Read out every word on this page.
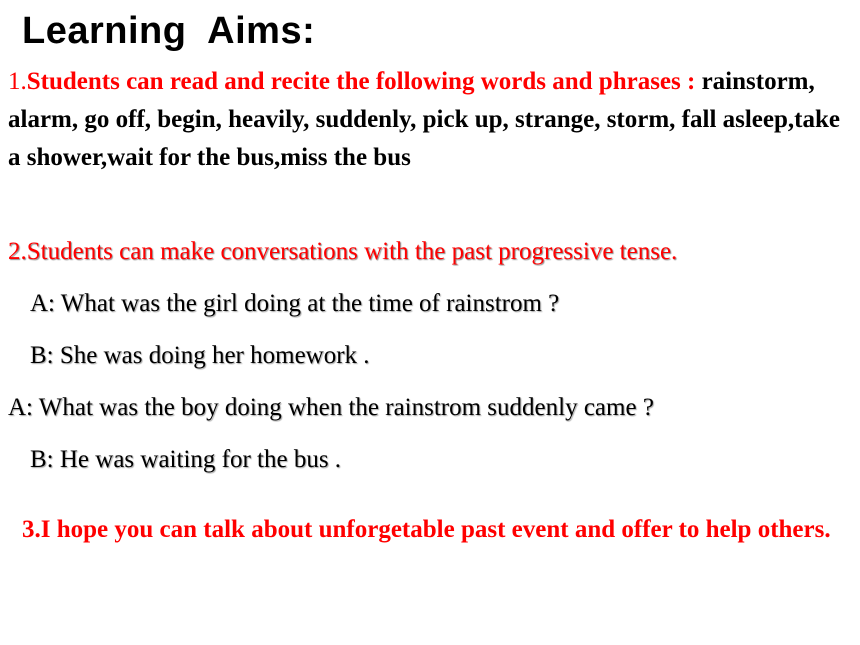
Learning  Aims:
1.Students can read and recite the following words and phrases : rainstorm, alarm, go off, begin, heavily, suddenly, pick up, strange, storm, fall asleep,take a shower,wait for the bus,miss the bus
2.Students can make conversations with the past progressive tense.
A: What was the girl doing at the time of rainstrom ?
B: She was doing her homework .
A: What was the boy doing when the rainstrom suddenly came ?
B: He was waiting for the bus .
3.I hope you can talk about unforgetable past event and offer to help others.
